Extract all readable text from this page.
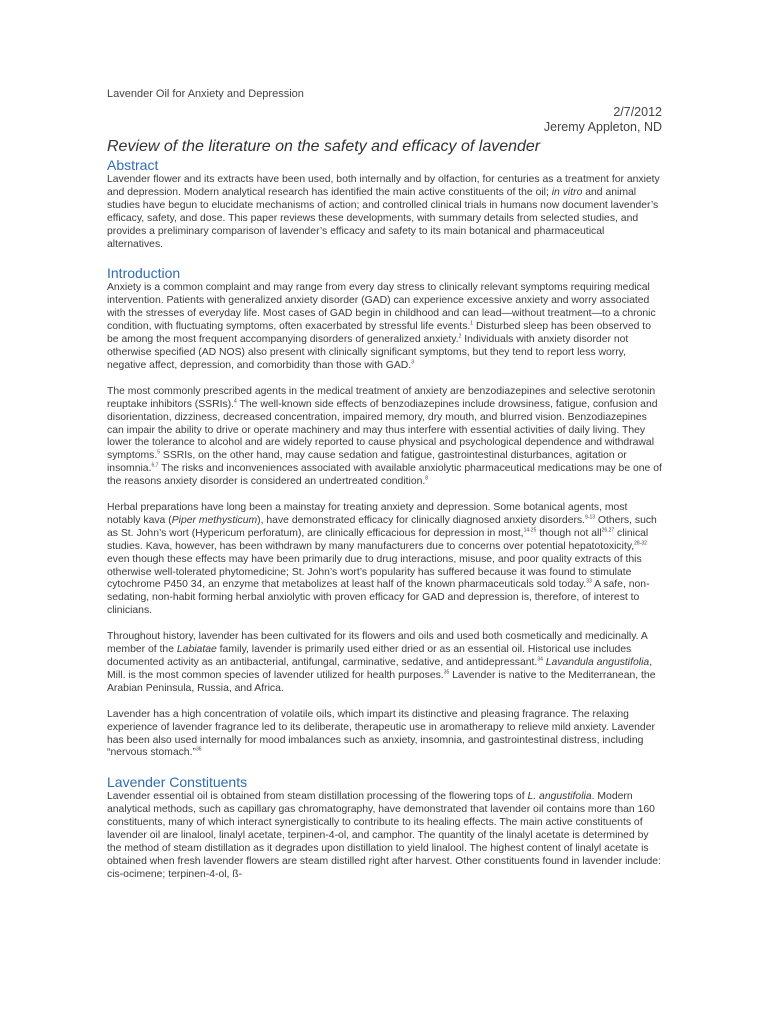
Lavender Oil for Anxiety and Depression
2/7/2012
Jeremy Appleton, ND
Review of the literature on the safety and efficacy of lavender
Abstract
Lavender flower and its extracts have been used, both internally and by olfaction, for centuries as a treatment for anxiety and depression. Modern analytical research has identified the main active constituents of the oil; in vitro and animal studies have begun to elucidate mechanisms of action; and controlled clinical trials in humans now document lavender’s efficacy, safety, and dose. This paper reviews these developments, with summary details from selected studies, and provides a preliminary comparison of lavender’s efficacy and safety to its main botanical and pharmaceutical alternatives.
Introduction
Anxiety is a common complaint and may range from every day stress to clinically relevant symptoms requiring medical intervention. Patients with generalized anxiety disorder (GAD) can experience excessive anxiety and worry associated with the stresses of everyday life. Most cases of GAD begin in childhood and can lead—without treatment—to a chronic condition, with fluctuating symptoms, often exacerbated by stressful life events.$^1$ Disturbed sleep has been observed to be among the most frequent accompanying disorders of generalized anxiety.$^2$ Individuals with anxiety disorder not otherwise specified (AD NOS) also present with clinically significant symptoms, but they tend to report less worry, negative affect, depression, and comorbidity than those with GAD.$^3$
The most commonly prescribed agents in the medical treatment of anxiety are benzodiazepines and selective serotonin reuptake inhibitors (SSRIs).$^4$ The well-known side effects of benzodiazepines include drowsiness, fatigue, confusion and disorientation, dizziness, decreased concentration, impaired memory, dry mouth, and blurred vision. Benzodiazepines can impair the ability to drive or operate machinery and may thus interfere with essential activities of daily living. They lower the tolerance to alcohol and are widely reported to cause physical and psychological dependence and withdrawal symptoms.$^5$ SSRIs, on the other hand, may cause sedation and fatigue, gastrointestinal disturbances, agitation or insomnia.$^{6,7}$ The risks and inconveniences associated with available anxiolytic pharmaceutical medications may be one of the reasons anxiety disorder is considered an undertreated condition.$^8$
Herbal preparations have long been a mainstay for treating anxiety and depression. Some botanical agents, most notably kava (Piper methysticum), have demonstrated efficacy for clinically diagnosed anxiety disorders.$^{9-13}$ Others, such as St. John’s wort (Hypericum perforatum), are clinically efficacious for depression in most,$^{14-25}$ though not all$^{26,27}$ clinical studies. Kava, however, has been withdrawn by many manufacturers due to concerns over potential hepatotoxicity,$^{28-32}$ even though these effects may have been primarily due to drug interactions, misuse, and poor quality extracts of this otherwise well-tolerated phytomedicine; St. John’s wort’s popularity has suffered because it was found to stimulate cytochrome P450 34, an enzyme that metabolizes at least half of the known pharmaceuticals sold today.$^{33}$ A safe, non-sedating, non-habit forming herbal anxiolytic with proven efficacy for GAD and depression is, therefore, of interest to clinicians.
Throughout history, lavender has been cultivated for its flowers and oils and used both cosmetically and medicinally. A member of the Labiatae family, lavender is primarily used either dried or as an essential oil. Historical use includes documented activity as an antibacterial, antifungal, carminative, sedative, and antidepressant.$^{34}$ Lavandula angustifolia, Mill. is the most common species of lavender utilized for health purposes.$^{35}$ Lavender is native to the Mediterranean, the Arabian Peninsula, Russia, and Africa.
Lavender has a high concentration of volatile oils, which impart its distinctive and pleasing fragrance. The relaxing experience of lavender fragrance led to its deliberate, therapeutic use in aromatherapy to relieve mild anxiety. Lavender has been also used internally for mood imbalances such as anxiety, insomnia, and gastrointestinal distress, including “nervous stomach.”$^{36}$
Lavender Constituents
Lavender essential oil is obtained from steam distillation processing of the flowering tops of L. angustifolia. Modern analytical methods, such as capillary gas chromatography, have demonstrated that lavender oil contains more than 160 constituents, many of which interact synergistically to contribute to its healing effects. The main active constituents of lavender oil are linalool, linalyl acetate, terpinen-4-ol, and camphor. The quantity of the linalyl acetate is determined by the method of steam distillation as it degrades upon distillation to yield linalool. The highest content of linalyl acetate is obtained when fresh lavender flowers are steam distilled right after harvest. Other constituents found in lavender include: cis-ocimene; terpinen-4-ol, ß-
